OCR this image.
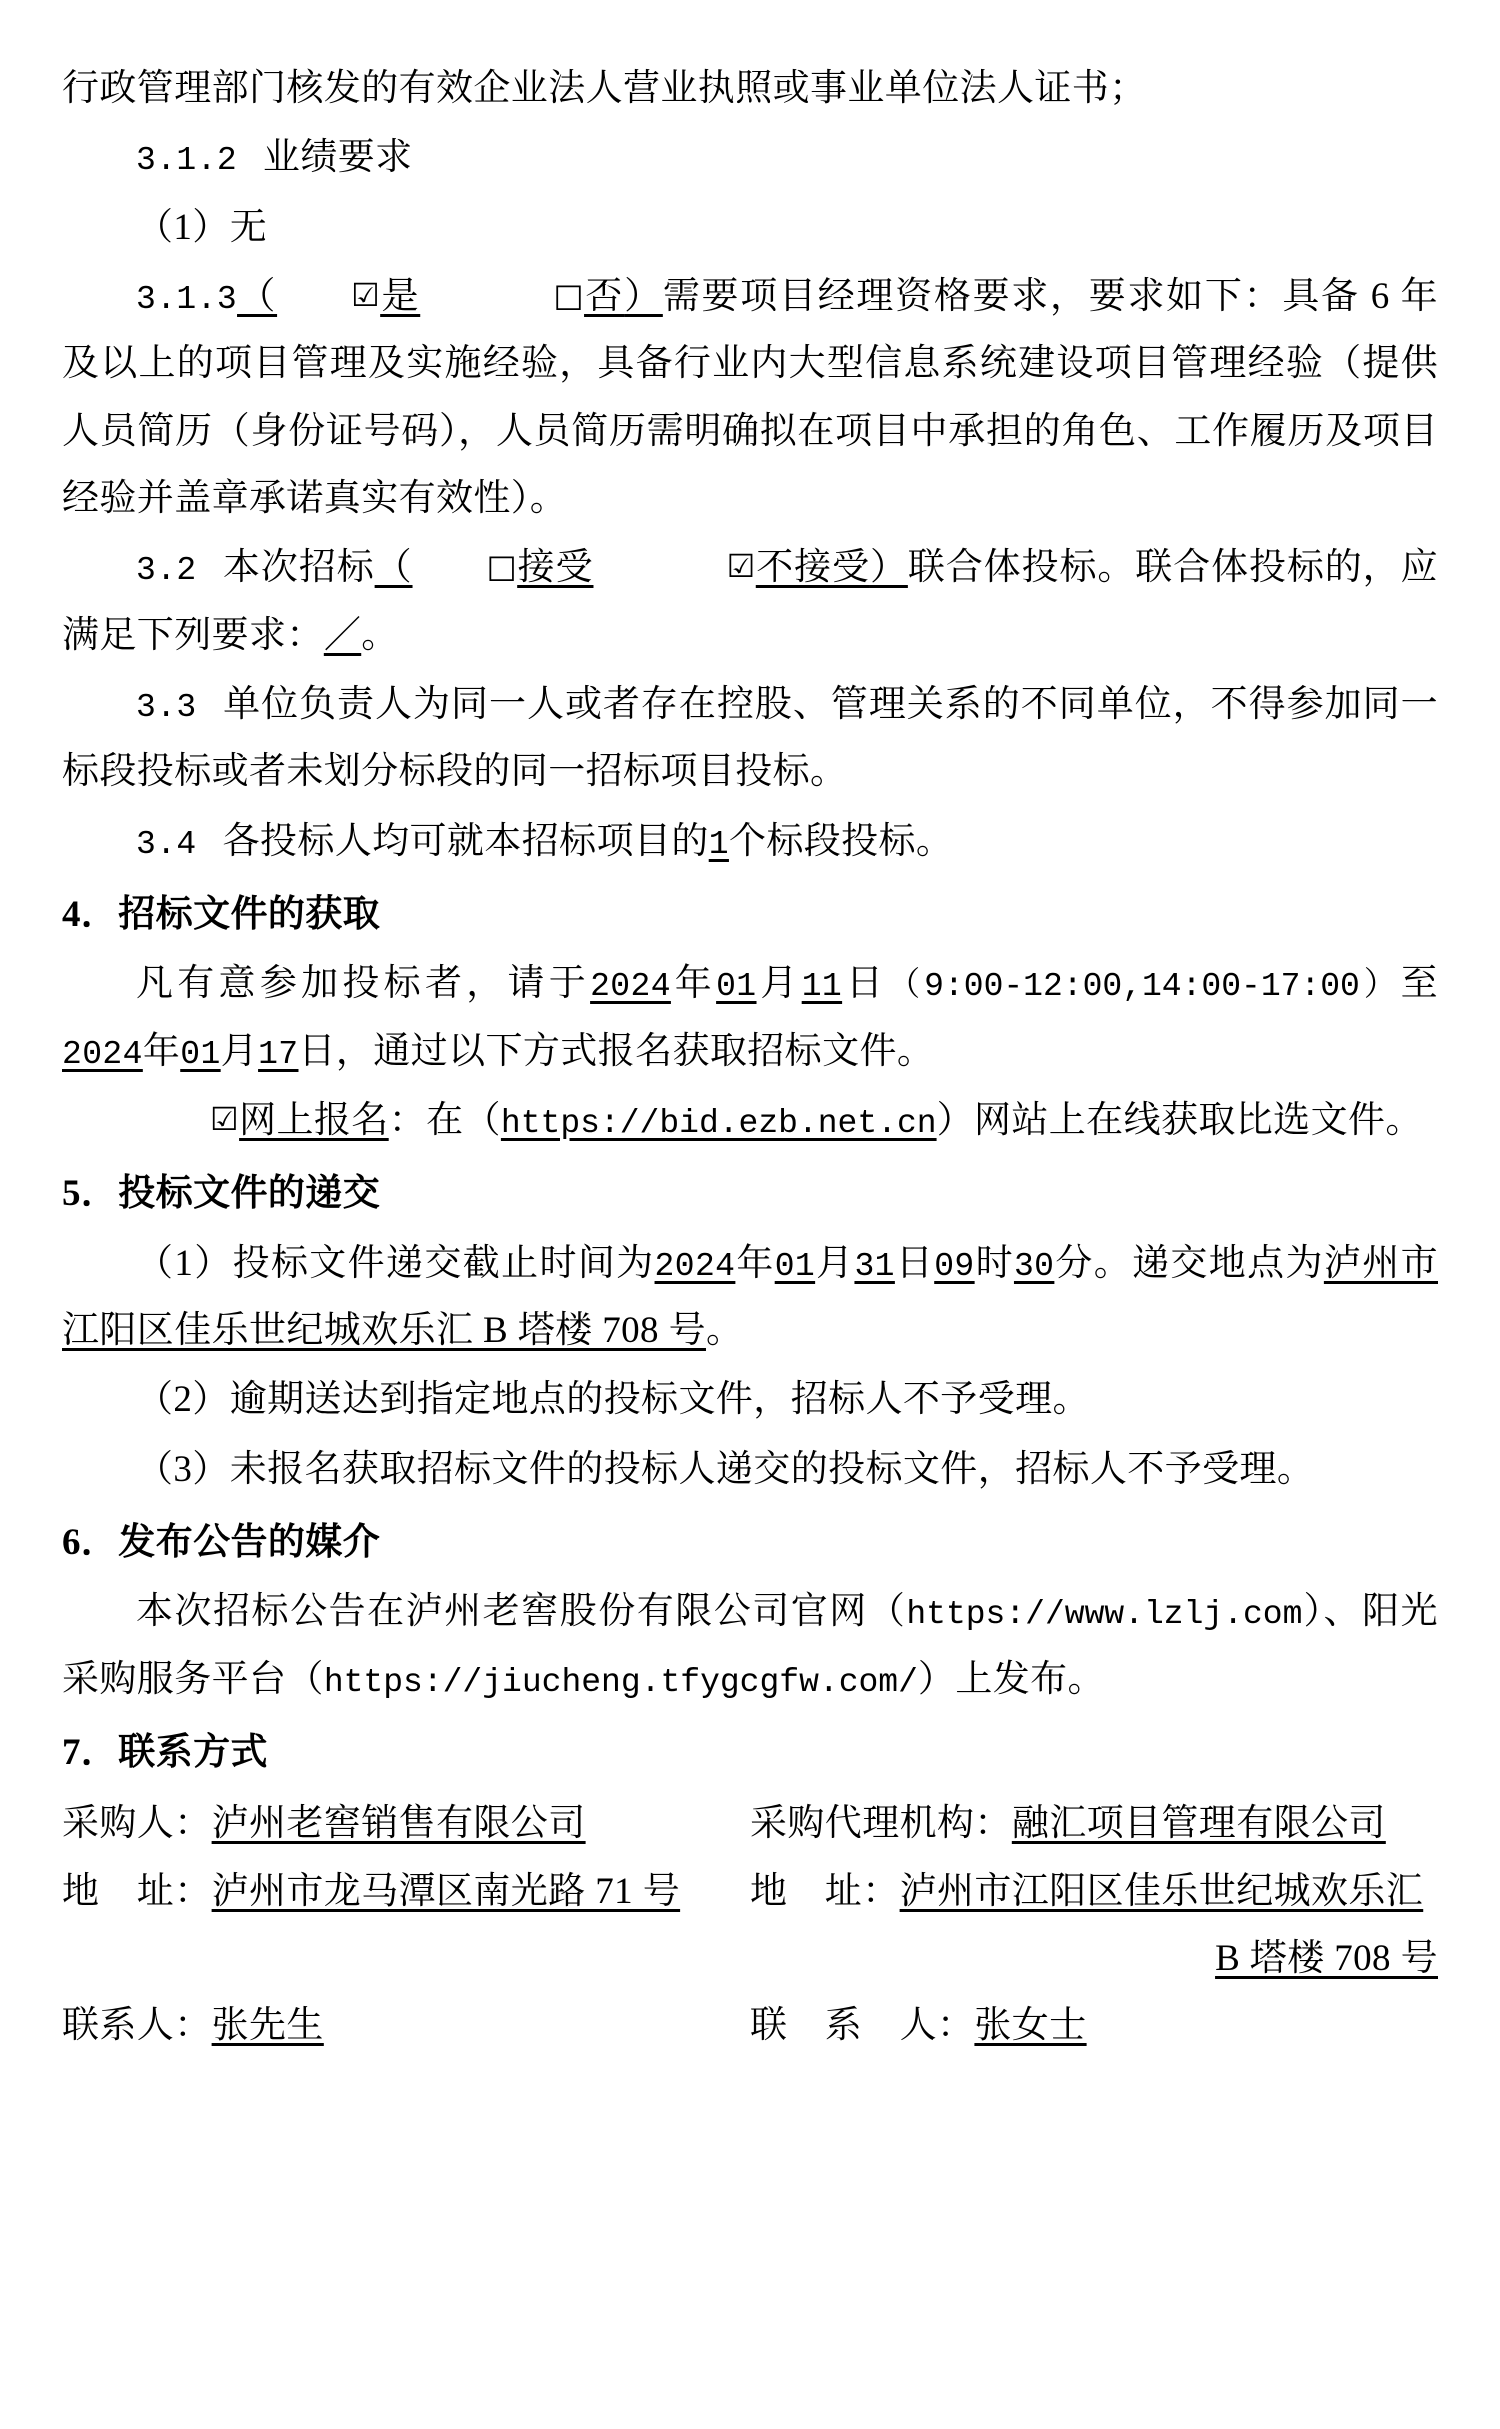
行政管理部门核发的有效企业法人营业执照或事业单位法人证书；

3.1.2 业绩要求

（1）无

3.1.3（ ☑是	□否）需要项目经理资格要求，要求如下：具备 6 年及以上的项目管理及实施经验，具备行业内大型信息系统建设项目管理经验（提供人员简历（身份证号码），人员简历需明确拟在项目中承担的角色、工作履历及项目经验并盖章承诺真实有效性）。

3.2 本次招标（ □接受	☑不接受）联合体投标。联合体投标的，应满足下列要求：／。

3.3 单位负责人为同一人或者存在控股、管理关系的不同单位，不得参加同一标段投标或者未划分标段的同一招标项目投标。

3.4 各投标人均可就本招标项目的1个标段投标。

4．招标文件的获取

凡有意参加投标者，请于2024年01月11日（9:00-12:00,14:00-17:00）至2024年01月17日，通过以下方式报名获取招标文件。

☑网上报名：在（https://bid.ezb.net.cn）网站上在线获取比选文件。

5．投标文件的递交

（1）投标文件递交截止时间为2024年01月31日09时30分。递交地点为泸州市江阳区佳乐世纪城欢乐汇 B 塔楼 708 号。

（2）逾期送达到指定地点的投标文件，招标人不予受理。

（3）未报名获取招标文件的投标人递交的投标文件，招标人不予受理。

6．发布公告的媒介

本次招标公告在泸州老窖股份有限公司官网（https://www.lzlj.com）、阳光采购服务平台（https://jiucheng.tfygcgfw.com/）上发布。

7．联系方式

采购人：泸州老窖销售有限公司	采购代理机构：融汇项目管理有限公司
地　址：泸州市龙马潭区南光路 71 号	地　址：泸州市江阳区佳乐世纪城欢乐汇
	B 塔楼 708 号
联系人：张先生	联　系　人：张女士
